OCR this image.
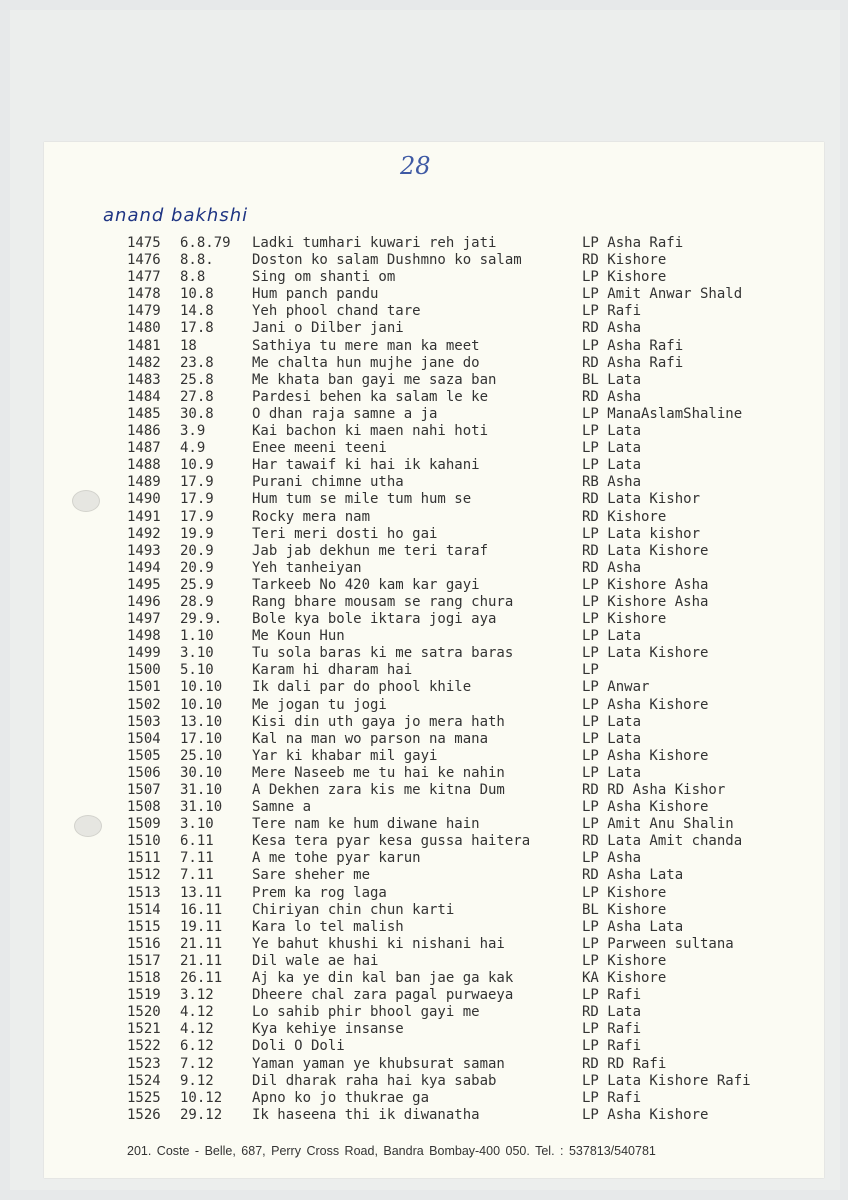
28
anand bakhshi
1475 6.8.79 Ladki tumhari kuwari reh jati	LP Asha Rafi
1476 8.8.	Doston ko salam Dushmno ko salam	RD Kishore
1477 8.8	Sing om shanti om	LP Kishore
1478 10.8	Hum panch pandu	LP Amit Anwar Shald
1479 14.8	Yeh phool chand tare	LP Rafi
1480 17.8	Jani o Dilber jani	RD Asha
1481 18	Sathiya tu mere man ka meet	LP Asha Rafi
1482 23.8	Me chalta hun mujhe jane do	RD Asha Rafi
1483 25.8	Me khata ban gayi me saza ban	BL Lata
1484 27.8	Pardesi behen ka salam le ke	RD Asha
1485 30.8	O dhan raja samne a ja	LP ManaAslamShaline
1486 3.9	Kai bachon ki maen nahi hoti	LP Lata
1487 4.9	Enee meeni teeni	LP Lata
1488 10.9	Har tawaif ki hai ik kahani	LP Lata
1489 17.9	Purani chimne utha	RB Asha
1490 17.9	Hum tum se mile tum hum se	RD Lata Kishor
1491 17.9	Rocky mera nam	RD Kishore
1492 19.9	Teri meri dosti ho gai	LP Lata kishor
1493 20.9	Jab jab dekhun me teri taraf	RD Lata Kishore
1494 20.9	Yeh tanheiyan	RD Asha
1495 25.9	Tarkeeb No 420 kam kar gayi	LP Kishore Asha
1496 28.9	Rang bhare mousam se rang chura	LP Kishore Asha
1497 29.9. Bole kya bole iktara jogi aya	LP Kishore
1498 1.10	Me Koun Hun	LP Lata
1499 3.10	Tu sola baras ki me satra baras	LP Lata Kishore
1500 5.10	Karam hi dharam hai	LP
1501 10.10 Ik dali par do phool khile	LP Anwar
1502 10.10 Me jogan tu jogi	LP Asha Kishore
1503 13.10 Kisi din uth gaya jo mera hath	LP Lata
1504 17.10 Kal na man wo parson na mana	LP Lata
1505 25.10 Yar ki khabar mil gayi	LP Asha Kishore
1506 30.10 Mere Naseeb me tu hai ke nahin	LP Lata
1507 31.10 A Dekhen zara kis me kitna Dum	RD RD Asha Kishor
1508 31.10 Samne a	LP Asha Kishore
1509 3.10	Tere nam ke hum diwane hain	LP Amit Anu Shalin
1510 6.11	Kesa tera pyar kesa gussa haitera	RD Lata Amit chanda
1511 7.11	A me tohe pyar karun	LP Asha
1512 7.11	Sare sheher me	RD Asha Lata
1513 13.11 Prem ka rog laga	LP Kishore
1514 16.11 Chiriyan chin chun karti	BL Kishore
1515 19.11 Kara lo tel malish	LP Asha Lata
1516 21.11 Ye bahut khushi ki nishani hai	LP Parween sultana
1517 21.11 Dil wale ae hai	LP Kishore
1518 26.11 Aj ka ye din kal ban jae ga kak	KA Kishore
1519 3.12	Dheere chal zara pagal purwaeya	LP Rafi
1520 4.12	Lo sahib phir bhool gayi me	RD Lata
1521 4.12	Kya kehiye insanse	LP Rafi
1522 6.12	Doli O Doli	LP Rafi
1523 7.12	Yaman yaman ye khubsurat saman	RD RD Rafi
1524 9.12	Dil dharak raha hai kya sabab	LP Lata Kishore Rafi
1525 10.12 Apno ko jo thukrae ga	LP Rafi
1526 29.12 Ik haseena thi ik diwanatha	LP Asha Kishore
201. Coste - Belle, 687, Perry Cross Road, Bandra Bombay-400 050. Tel. : 537813/540781
